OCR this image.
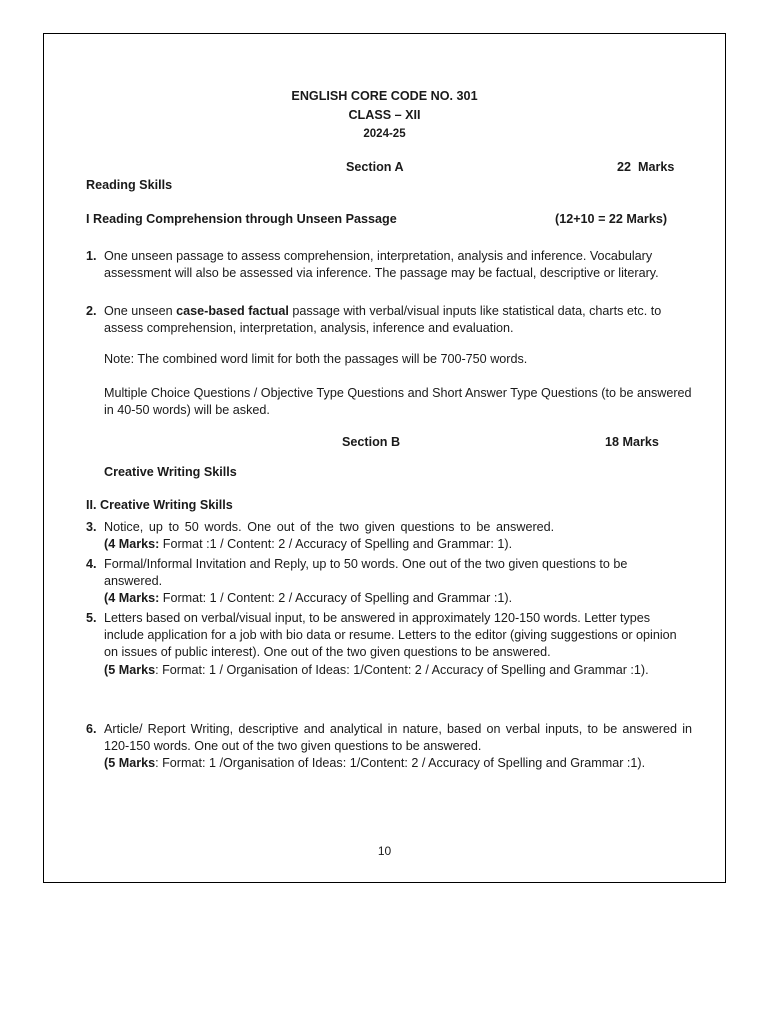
ENGLISH CORE CODE NO. 301
CLASS – XII
2024-25
Section A	22  Marks
Reading Skills
I Reading Comprehension through Unseen Passage	(12+10 = 22 Marks)
1. One unseen passage to assess comprehension, interpretation, analysis and inference. Vocabulary assessment will also be assessed via inference. The passage may be factual, descriptive or literary.

2. One unseen case-based factual passage with verbal/visual inputs like statistical data, charts etc. to assess comprehension, interpretation, analysis, inference and evaluation.

Note: The combined word limit for both the passages will be 700-750 words.

Multiple Choice Questions / Objective Type Questions and Short Answer Type Questions (to be answered in 40-50 words) will be asked.

Section B	18 Marks
Creative Writing Skills
II. Creative Writing Skills
3. Notice, up to 50 words. One out of the two given questions to be answered.

(4 Marks: Format :1 / Content: 2 / Accuracy of Spelling and Grammar: 1).

4. Formal/Informal Invitation and Reply, up to 50 words. One out of the two given questions to be answered.

(4 Marks: Format: 1 / Content: 2 / Accuracy of Spelling and Grammar :1).

5. Letters based on verbal/visual input, to be answered in approximately 120-150 words. Letter types include application for a job with bio data or resume. Letters to the editor (giving suggestions or opinion on issues of public interest). One out of the two given questions to be answered.

(5 Marks: Format: 1 / Organisation of Ideas: 1/Content: 2 / Accuracy of Spelling and Grammar :1).

6. Article/ Report Writing, descriptive and analytical in nature, based on verbal inputs, to be answered in 120-150 words. One out of the two given questions to be answered.

(5 Marks: Format: 1 /Organisation of Ideas: 1/Content: 2 / Accuracy of Spelling and Grammar :1).

10
